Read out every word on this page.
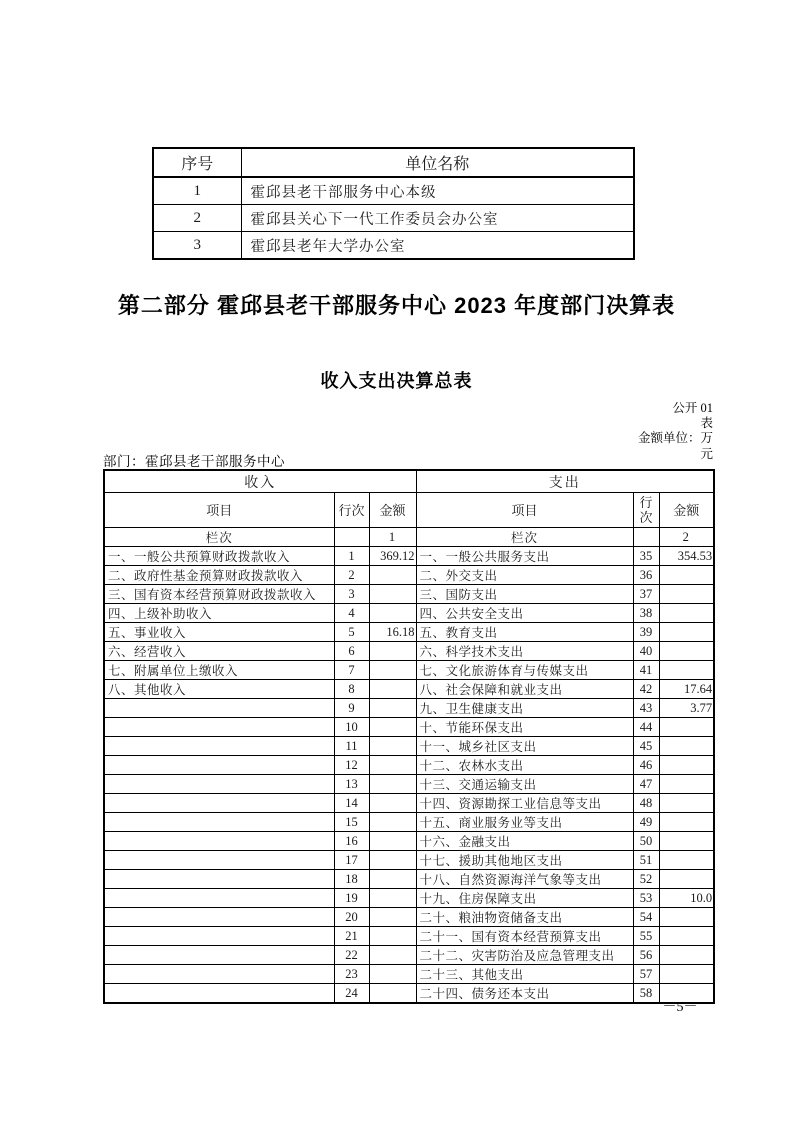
序号	单位名称
1	霍邱县老干部服务中心本级
2	霍邱县关心下一代工作委员会办公室
3	霍邱县老年大学办公室
第二部分 霍邱县老干部服务中心 2023 年度部门决算表
收入支出决算总表
公开 01
表
金额单位：万
元
部门：霍邱县老干部服务中心
收入			支出		
项目	行次	金额	项目	行次	金额
栏次		1	栏次		2
一、一般公共预算财政拨款收入	1	369.12	一、一般公共服务支出	35	354.53
二、政府性基金预算财政拨款收入	2		二、外交支出	36	
三、国有资本经营预算财政拨款收入	3		三、国防支出	37	
四、上级补助收入	4		四、公共安全支出	38	
五、事业收入	5	16.18	五、教育支出	39	
六、经营收入	6		六、科学技术支出	40	
七、附属单位上缴收入	7		七、文化旅游体育与传媒支出	41	
八、其他收入	8		八、社会保障和就业支出	42	17.64
	9		九、卫生健康支出	43	3.77
	10		十、节能环保支出	44	
	11		十一、城乡社区支出	45	
	12		十二、农林水支出	46	
	13		十三、交通运输支出	47	
	14		十四、资源勘探工业信息等支出	48	
	15		十五、商业服务业等支出	49	
	16		十六、金融支出	50	
	17		十七、援助其他地区支出	51	
	18		十八、自然资源海洋气象等支出	52	
	19		十九、住房保障支出	53	10.0
	20		二十、粮油物资储备支出	54	
	21		二十一、国有资本经营预算支出	55	
	22		二十二、灾害防治及应急管理支出	56	
	23		二十三、其他支出	57	
	24		二十四、债务还本支出	58	
－5－
